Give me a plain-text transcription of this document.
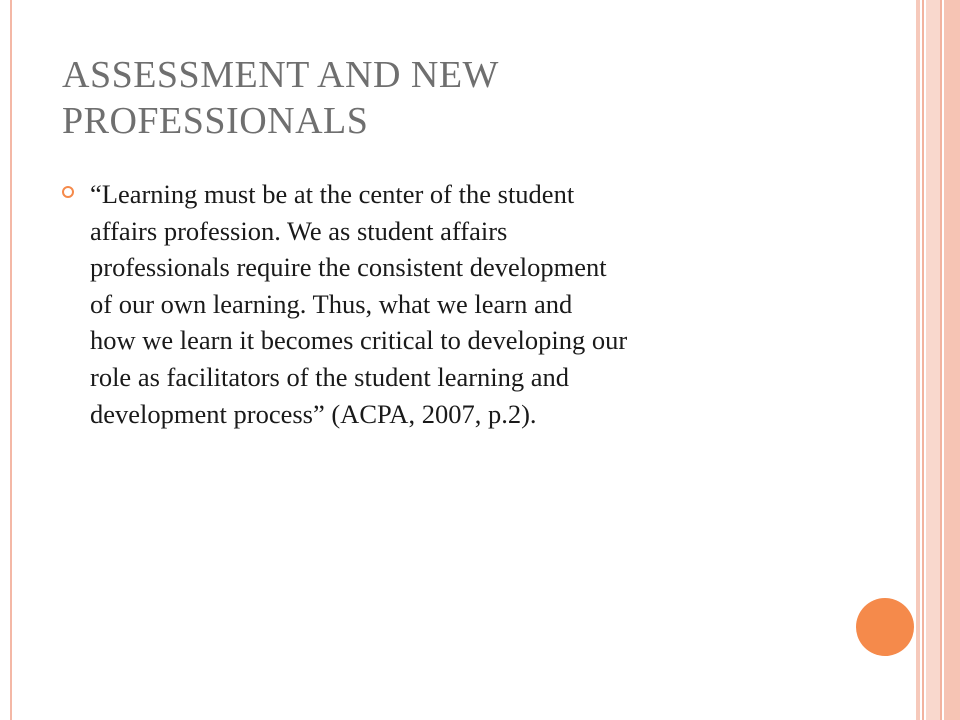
ASSESSMENT AND NEW
PROFESSIONALS
“Learning must be at the center of the student
affairs profession. We as student affairs
professionals require the consistent development
of our own learning. Thus, what we learn and
how we learn it becomes critical to developing our
role as facilitators of the student learning and
development process” (ACPA, 2007, p.2).
